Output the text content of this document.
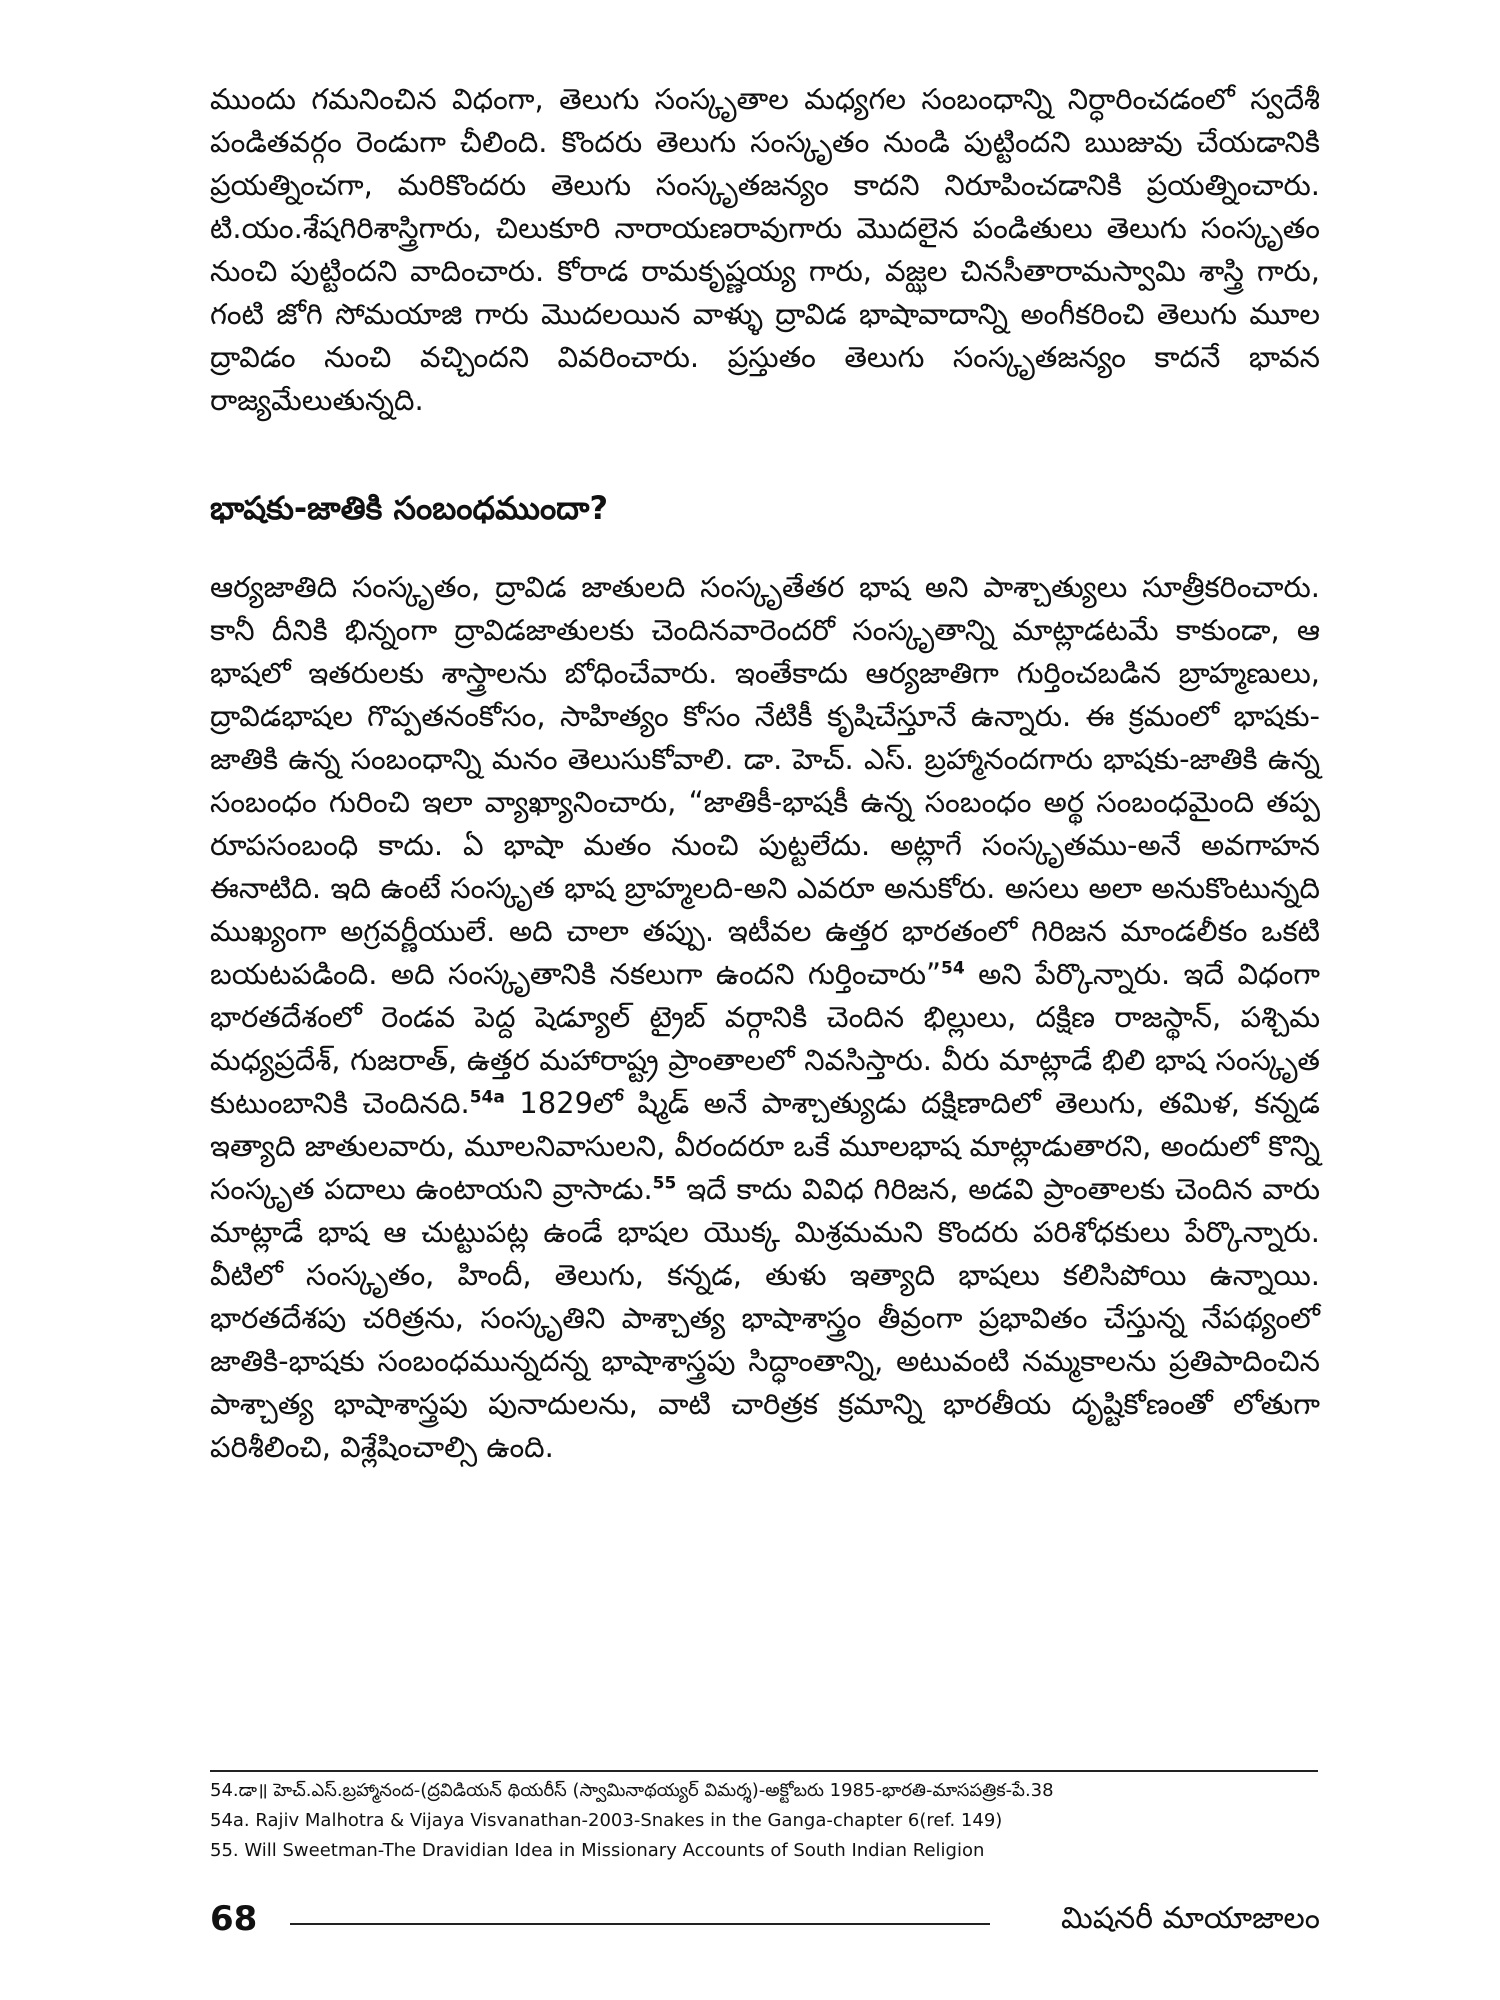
ముందు గమనించిన విధంగా, తెలుగు సంస్కృతాల మధ్యగల సంబంధాన్ని నిర్ధారించడంలో స్వదేశీ పండితవర్గం రెండుగా చీలింది. కొందరు తెలుగు సంస్కృతం నుండి పుట్టిందని ఋజువు చేయడానికి ప్రయత్నించగా, మరికొందరు తెలుగు సంస్కృతజన్యం కాదని నిరూపించడానికి ప్రయత్నించారు. టి.యం.శేషగిరిశాస్త్రిగారు, చిలుకూరి నారాయణరావుగారు మొదలైన పండితులు తెలుగు సంస్కృతం నుంచి పుట్టిందని వాదించారు. కోరాడ రామకృష్ణయ్య గారు, వజ్ఝల చినసీతారామస్వామి శాస్త్రి గారు, గంటి జోగి సోమయాజి గారు మొదలయిన వాళ్ళు ద్రావిడ భాషావాదాన్ని అంగీకరించి తెలుగు మూల ద్రావిడం నుంచి వచ్చిందని వివరించారు. ప్రస్తుతం తెలుగు సంస్కృతజన్యం కాదనే భావన రాజ్యమేలుతున్నది.

భాషకు-జాతికి సంబంధముందా?

ఆర్యజాతిది సంస్కృతం, ద్రావిడ జాతులది సంస్కృతేతర భాష అని పాశ్చాత్యులు సూత్రీకరించారు. కానీ దీనికి భిన్నంగా ద్రావిడజాతులకు చెందినవారెందరో సంస్కృతాన్ని మాట్లాడటమే కాకుండా, ఆ భాషలో ఇతరులకు శాస్త్రాలను బోధించేవారు. ఇంతేకాదు ఆర్యజాతిగా గుర్తించబడిన బ్రాహ్మణులు, ద్రావిడభాషల గొప్పతనంకోసం, సాహిత్యం కోసం నేటికీ కృషిచేస్తూనే ఉన్నారు. ఈ క్రమంలో భాషకు-జాతికి ఉన్న సంబంధాన్ని మనం తెలుసుకోవాలి. డా. హెచ్. ఎస్. బ్రహ్మానందగారు భాషకు-జాతికి ఉన్న సంబంధం గురించి ఇలా వ్యాఖ్యానించారు, “జాతికీ-భాషకీ ఉన్న సంబంధం అర్థ సంబంధమైంది తప్ప రూపసంబంధి కాదు. ఏ భాషా మతం నుంచి పుట్టలేదు. అట్లాగే సంస్కృతము-అనే అవగాహన ఈనాటిది. ఇది ఉంటే సంస్కృత భాష బ్రాహ్మలది-అని ఎవరూ అనుకోరు. అసలు అలా అనుకొంటున్నది ముఖ్యంగా అగ్రవర్ణీయులే. అది చాలా తప్పు. ఇటీవల ఉత్తర భారతంలో గిరిజన మాండలీకం ఒకటి బయటపడింది. అది సంస్కృతానికి నకలుగా ఉందని గుర్తించారు”$^{54}$ అని పేర్కొన్నారు. ఇదే విధంగా భారతదేశంలో రెండవ పెద్ద షెడ్యూల్ ట్రైబ్ వర్గానికి చెందిన భిల్లులు, దక్షిణ రాజస్థాన్, పశ్చిమ మధ్యప్రదేశ్, గుజరాత్, ఉత్తర మహారాష్ట్ర ప్రాంతాలలో నివసిస్తారు. వీరు మాట్లాడే భిలి భాష సంస్కృత కుటుంబానికి చెందినది.$^{54a}$ 1829లో ష్మిడ్ అనే పాశ్చాత్యుడు దక్షిణాదిలో తెలుగు, తమిళ, కన్నడ ఇత్యాది జాతులవారు, మూలనివాసులని, వీరందరూ ఒకే మూలభాష మాట్లాడుతారని, అందులో కొన్ని సంస్కృత పదాలు ఉంటాయని వ్రాసాడు.$^{55}$ ఇదే కాదు వివిధ గిరిజన, అడవి ప్రాంతాలకు చెందిన వారు మాట్లాడే భాష ఆ చుట్టుపట్ల ఉండే భాషల యొక్క మిశ్రమమని కొందరు పరిశోధకులు పేర్కొన్నారు. వీటిలో సంస్కృతం, హిందీ, తెలుగు, కన్నడ, తుళు ఇత్యాది భాషలు కలిసిపోయి ఉన్నాయి. భారతదేశపు చరిత్రను, సంస్కృతిని పాశ్చాత్య భాషాశాస్త్రం తీవ్రంగా ప్రభావితం చేస్తున్న నేపథ్యంలో జాతికి-భాషకు సంబంధమున్నదన్న భాషాశాస్త్రపు సిద్ధాంతాన్ని, అటువంటి నమ్మకాలను ప్రతిపాదించిన పాశ్చాత్య భాషాశాస్త్రపు పునాదులను, వాటి చారిత్రక క్రమాన్ని భారతీయ దృష్టికోణంతో లోతుగా పరిశీలించి, విశ్లేషించాల్సి ఉంది.

54.డా॥ హెచ్.ఎస్.బ్రహ్మానంద-(ద్రవిడియన్ థియరీస్ (స్వామినాథయ్యర్ విమర్శ)-అక్టోబరు 1985-భారతి-మాసపత్రిక-పే.38
54a. Rajiv Malhotra & Vijaya Visvanathan-2003-Snakes in the Ganga-chapter 6(ref. 149)
55. Will Sweetman-The Dravidian Idea in Missionary Accounts of South Indian Religion
68	మిషనరీ మాయాజాలం
